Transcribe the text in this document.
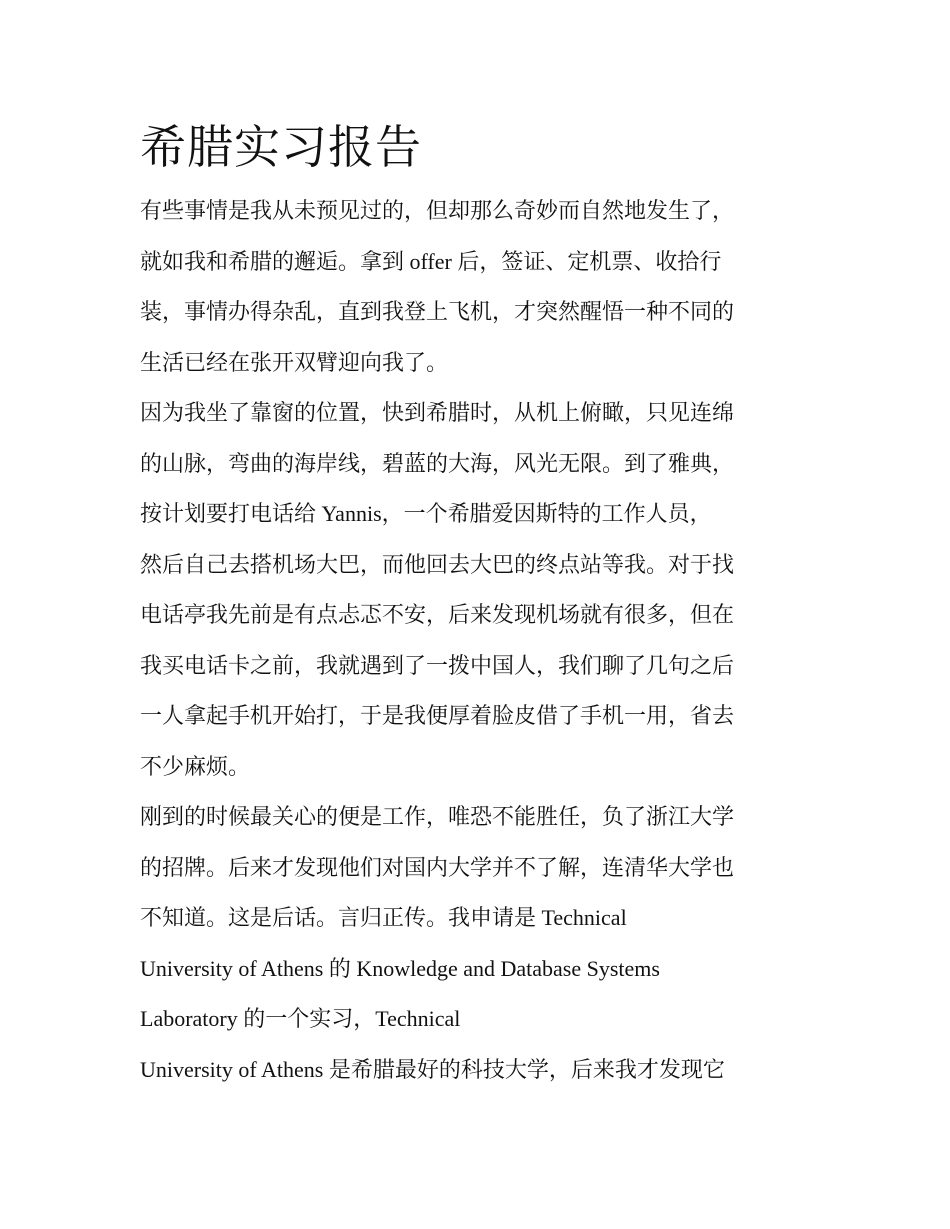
希腊实习报告
有些事情是我从未预见过的，但却那么奇妙而自然地发生了，
就如我和希腊的邂逅。拿到 offer 后，签证、定机票、收拾行
装，事情办得杂乱，直到我登上飞机，才突然醒悟一种不同的
生活已经在张开双臂迎向我了。
因为我坐了靠窗的位置，快到希腊时，从机上俯瞰，只见连绵
的山脉，弯曲的海岸线，碧蓝的大海，风光无限。到了雅典，
按计划要打电话给 Yannis，一个希腊爱因斯特的工作人员，
然后自己去搭机场大巴，而他回去大巴的终点站等我。对于找
电话亭我先前是有点忐忑不安，后来发现机场就有很多，但在
我买电话卡之前，我就遇到了一拨中国人，我们聊了几句之后
一人拿起手机开始打，于是我便厚着脸皮借了手机一用，省去
不少麻烦。
刚到的时候最关心的便是工作，唯恐不能胜任，负了浙江大学
的招牌。后来才发现他们对国内大学并不了解，连清华大学也
不知道。这是后话。言归正传。我申请是 Technical
University of Athens 的 Knowledge and Database Systems
Laboratory 的一个实习，Technical
University of Athens 是希腊最好的科技大学，后来我才发现它
